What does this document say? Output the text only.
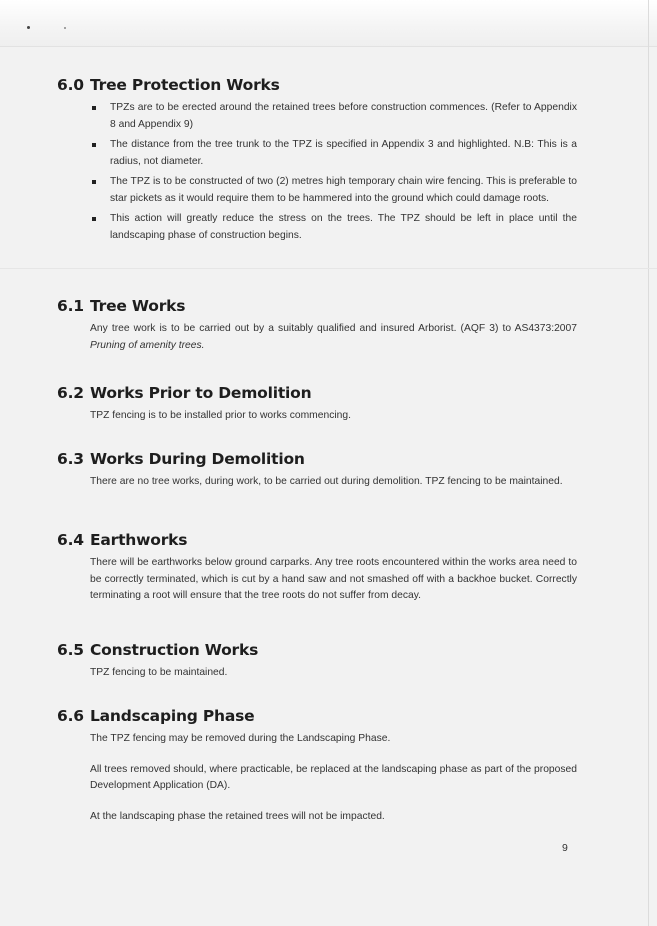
6.0 Tree Protection Works
TPZs are to be erected around the retained trees before construction commences. (Refer to Appendix 8 and Appendix 9)
The distance from the tree trunk to the TPZ is specified in Appendix 3 and highlighted. N.B: This is a radius, not diameter.
The TPZ is to be constructed of two (2) metres high temporary chain wire fencing. This is preferable to star pickets as it would require them to be hammered into the ground which could damage roots.
This action will greatly reduce the stress on the trees. The TPZ should be left in place until the landscaping phase of construction begins.
6.1 Tree Works

Any tree work is to be carried out by a suitably qualified and insured Arborist. (AQF 3) to AS4373:2007 Pruning of amenity trees.

6.2 Works Prior to Demolition

TPZ fencing is to be installed prior to works commencing.

6.3 Works During Demolition

There are no tree works, during work, to be carried out during demolition. TPZ fencing to be maintained.

6.4 Earthworks

There will be earthworks below ground carparks. Any tree roots encountered within the works area need to be correctly terminated, which is cut by a hand saw and not smashed off with a backhoe bucket. Correctly terminating a root will ensure that the tree roots do not suffer from decay.

6.5 Construction Works

TPZ fencing to be maintained.

6.6 Landscaping Phase

The TPZ fencing may be removed during the Landscaping Phase.

All trees removed should, where practicable, be replaced at the landscaping phase as part of the proposed Development Application (DA).

At the landscaping phase the retained trees will not be impacted.

9
